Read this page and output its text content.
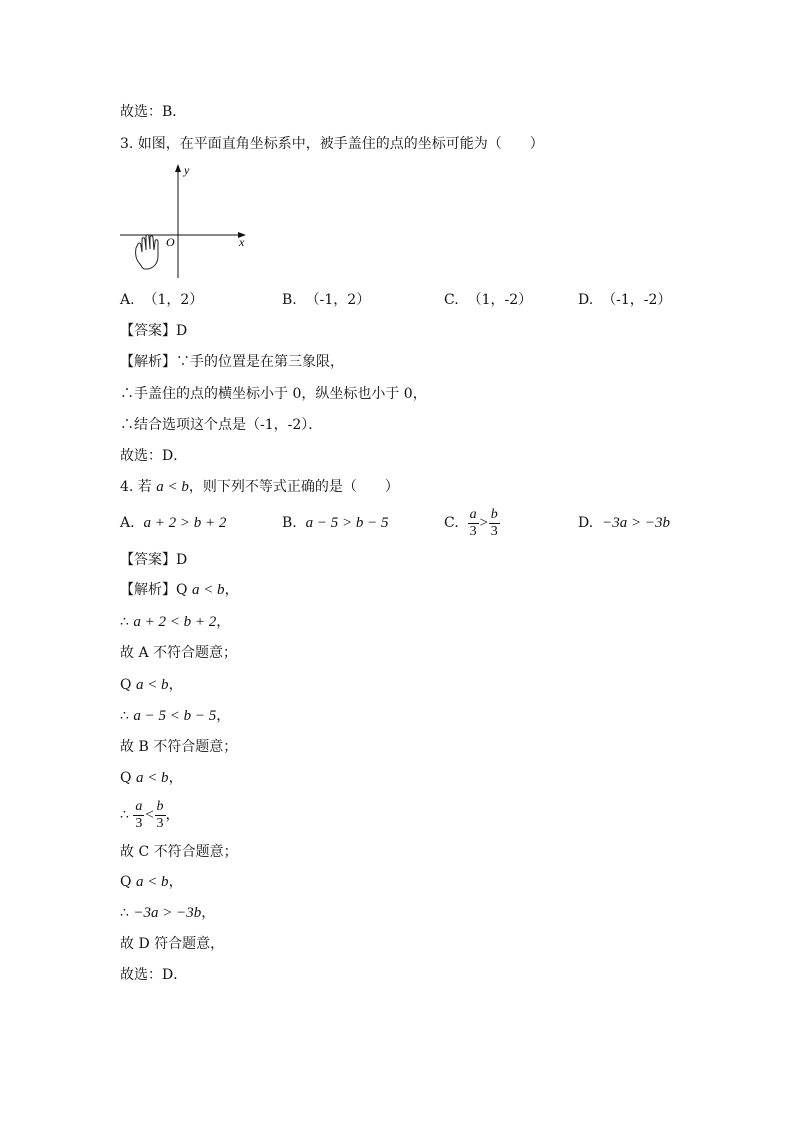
故选：B．
3. 如图，在平面直角坐标系中，被手盖住的点的坐标可能为（　　）
y
x
O
A. （1，2）	B. （-1，2）	C. （1，-2）	D. （-1，-2）
【答案】D
【解析】∵手的位置是在第三象限，
∴手盖住的点的横坐标小于 0，纵坐标也小于 0，
∴结合选项这个点是（-1，-2）．
故选：D．
4. 若 a < b，则下列不等式正确的是（　　）
A. a + 2 > b + 2	B. a − 5 > b − 5	C. $\frac{a}{3} > \frac{b}{3}$	D. −3a > −3b
【答案】D
【解析】Q a < b，
∴ a + 2 < b + 2，
故 A 不符合题意；
Q a < b，
∴ a − 5 < b − 5，
故 B 不符合题意；
Q a < b，
∴ $\frac{a}{3} < \frac{b}{3}$ ，
故 C 不符合题意；
Q a < b，
∴ −3a > −3b，
故 D 符合题意，
故选：D．
